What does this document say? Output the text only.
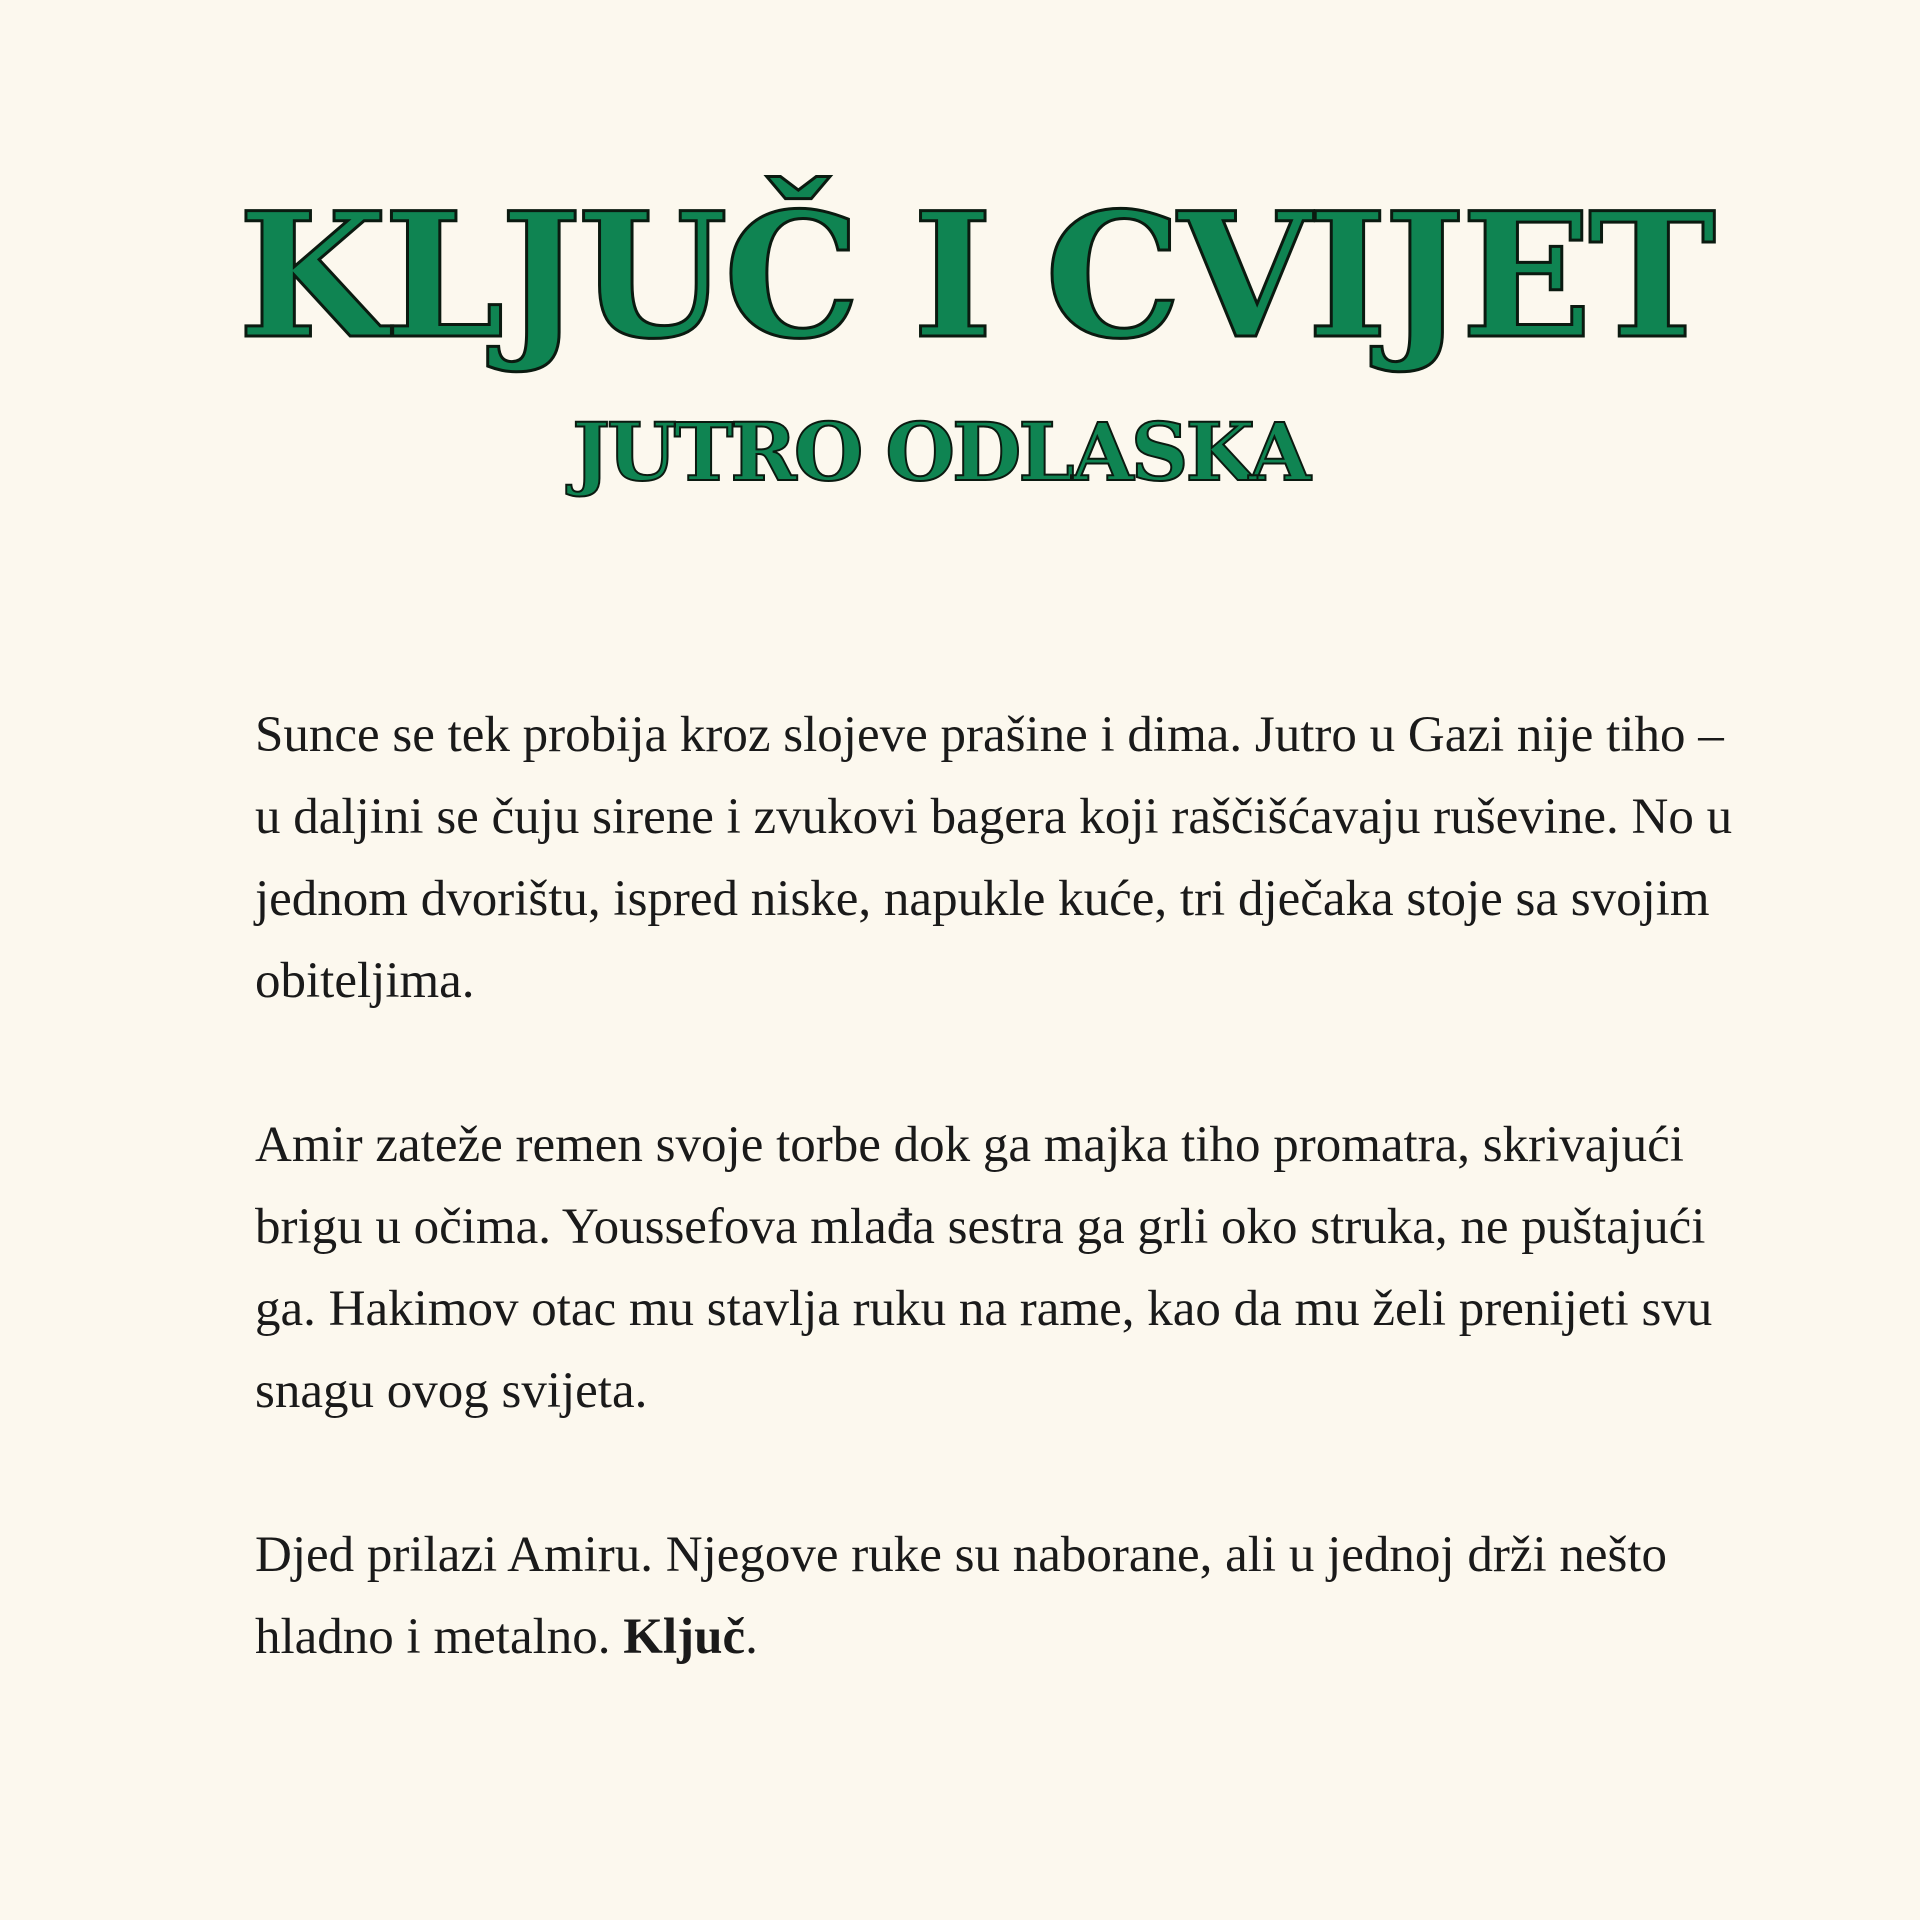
KLJUČ I CVIJET
JUTRO ODLASKA

Sunce se tek probija kroz slojeve prašine i dima. Jutro u Gazi nije tiho – u daljini se čuju sirene i zvukovi bagera koji raščišćavaju ruševine. No u jednom dvorištu, ispred niske, napukle kuće, tri dječaka stoje sa svojim obiteljima.

Amir zateže remen svoje torbe dok ga majka tiho promatra, skrivajući brigu u očima. Youssefova mlađa sestra ga grli oko struka, ne puštajući ga. Hakimov otac mu stavlja ruku na rame, kao da mu želi prenijeti svu snagu ovog svijeta.

Djed prilazi Amiru. Njegove ruke su naborane, ali u jednoj drži nešto hladno i metalno. Ključ.
